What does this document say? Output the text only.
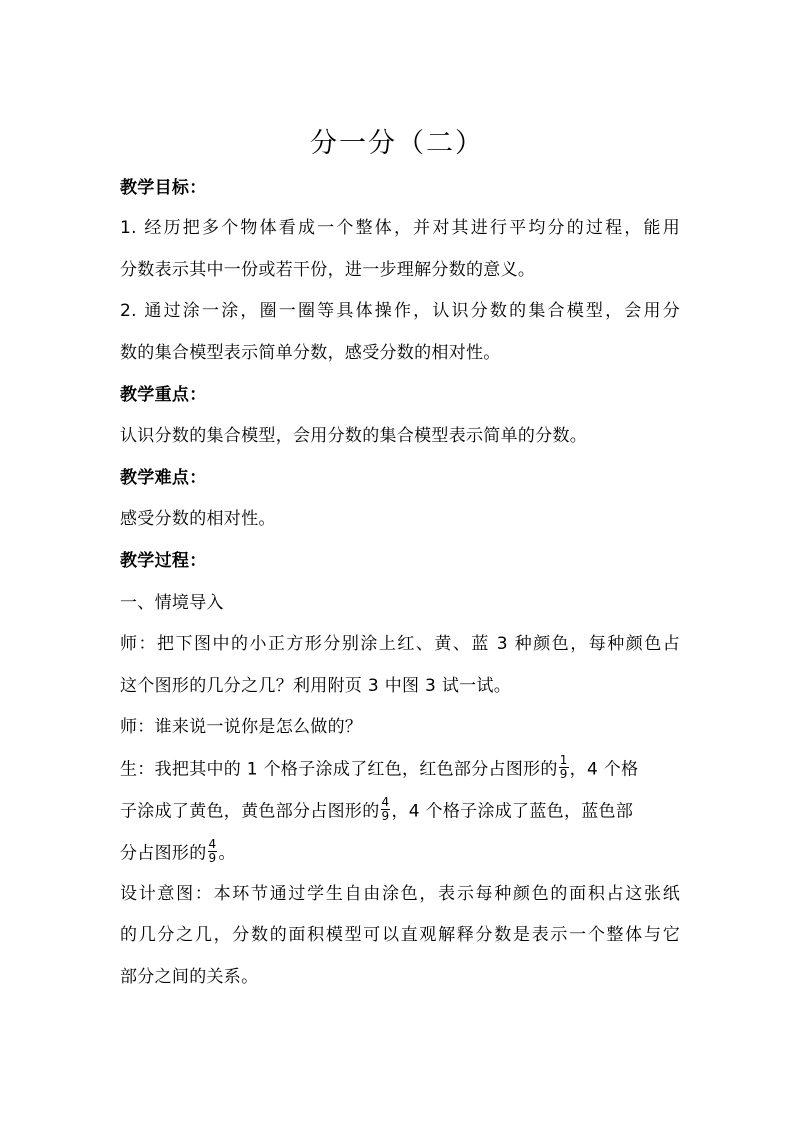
分一分（二）
教学目标：
1. 经历把多个物体看成一个整体，并对其进行平均分的过程，能用
分数表示其中一份或若干份，进一步理解分数的意义。
2. 通过涂一涂，圈一圈等具体操作，认识分数的集合模型，会用分
数的集合模型表示简单分数，感受分数的相对性。
教学重点：
认识分数的集合模型，会用分数的集合模型表示简单的分数。
教学难点：
感受分数的相对性。
教学过程：
一、情境导入
师：把下图中的小正方形分别涂上红、黄、蓝 3 种颜色，每种颜色占
这个图形的几分之几？利用附页 3 中图 3 试一试。
师：谁来说一说你是怎么做的？
生：我把其中的 1 个格子涂成了红色，红色部分占图形的 $\frac{1}{9}$ ，4 个格
子涂成了黄色，黄色部分占图形的 $\frac{4}{9}$ ，4 个格子涂成了蓝色，蓝色部
分占图形的 $\frac{4}{9}$ 。
设计意图：本环节通过学生自由涂色，表示每种颜色的面积占这张纸
的几分之几，分数的面积模型可以直观解释分数是表示一个整体与它
部分之间的关系。
